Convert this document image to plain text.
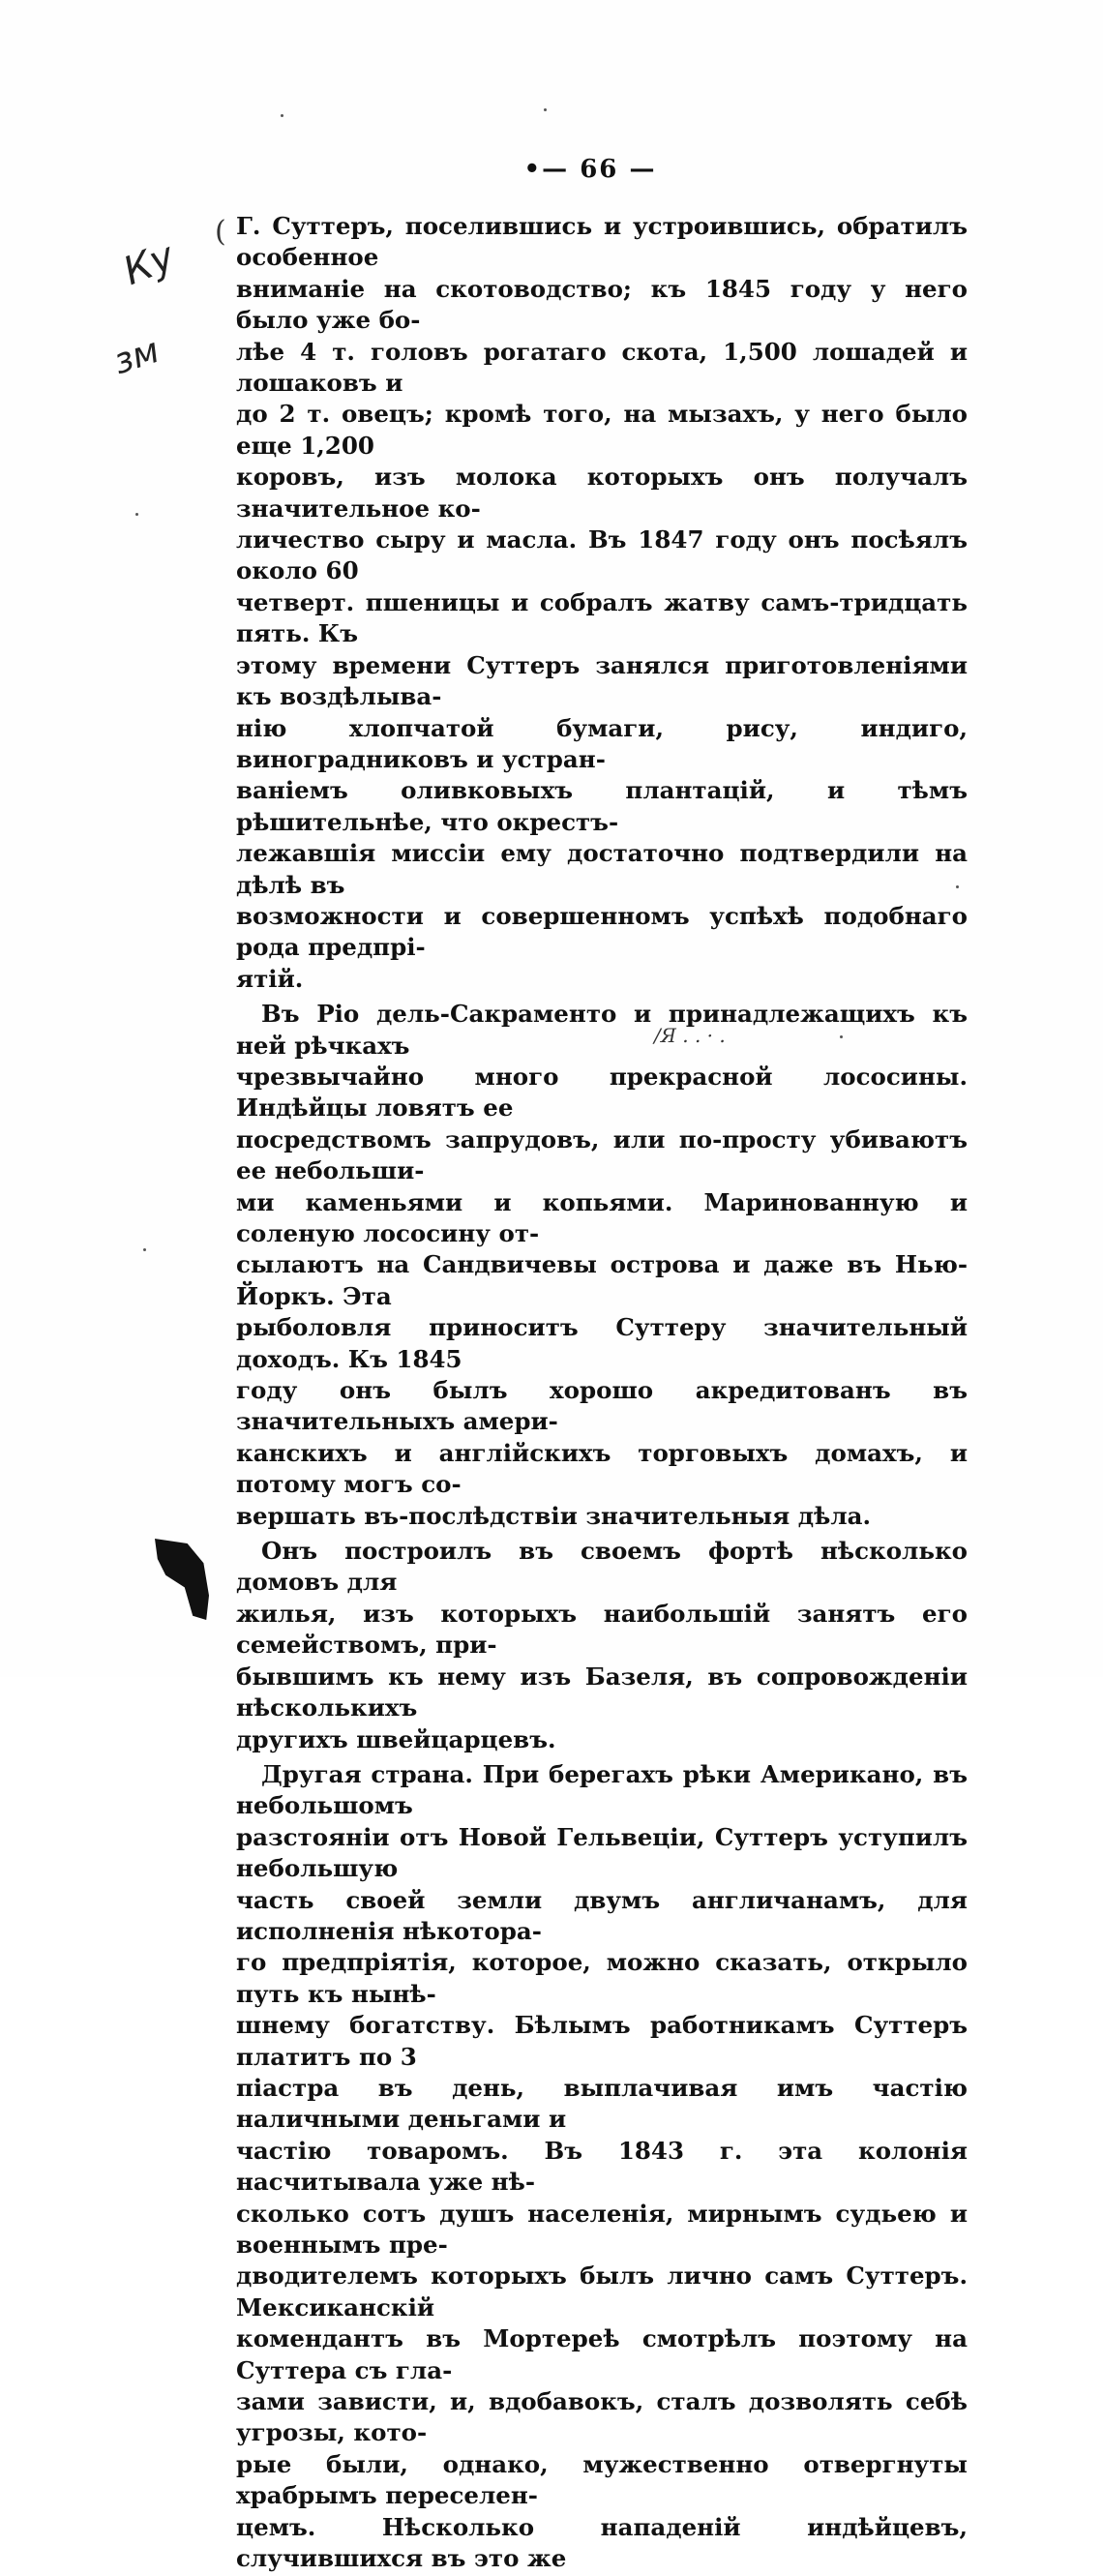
•— 66 —
(
Ку
зм

Г. Суттеръ, поселившись и устроившись, обратилъ особенное
вниманіе на скотоводство; къ 1845 году у него было уже бо-
лѣе 4 т. головъ рогатаго скота, 1,500 лошадей и лошаковъ и
до 2 т. овецъ; кромѣ того, на мызахъ, у него было еще 1,200
коровъ, изъ молока которыхъ онъ получалъ значительное ко-
личество сыру и масла. Въ 1847 году онъ посѣялъ около 60
четверт. пшеницы и собралъ жатву самъ-тридцать пять. Къ
этому времени Суттеръ занялся приготовленіями къ воздѣлыва-
нію хлопчатой бумаги, рису, индиго, виноградниковъ и устран-
ваніемъ оливковыхъ плантацій, и тѣмъ рѣшительнѣе, что окрестъ-
лежавшія миссіи ему достаточно подтвердили на дѣлѣ въ
возможности и совершенномъ успѣхѣ подобнаго рода предпрі-
ятій.

Въ Ріо дель-Сакраменто и принадлежащихъ къ ней рѣчкахъ
чрезвычайно много прекрасной лососины. Индѣйцы ловятъ ее
посредствомъ запрудовъ, или по-просту убиваютъ ее небольши-
ми каменьями и копьями. Маринованную и соленую лососину от-
сылаютъ на Сандвичевы острова и даже въ Нью-Йоркъ. Эта
рыболовля приноситъ Суттеру значительный доходъ. Къ 1845
году онъ былъ хорошо акредитованъ въ значительныхъ амери-
канскихъ и англійскихъ торговыхъ домахъ, и потому могъ со-
вершать въ-послѣдствіи значительныя дѣла.

Онъ построилъ въ своемъ фортѣ нѣсколько домовъ для
жилья, изъ которыхъ наибольшій занятъ его семействомъ, при-
бывшимъ къ нему изъ Базеля, въ сопровожденіи нѣсколькихъ
другихъ швейцарцевъ.

Другая страна. При берегахъ рѣки Американо, въ небольшомъ
разстояніи отъ Новой Гельвеціи, Суттеръ уступилъ небольшую
часть своей земли двумъ англичанамъ, для исполненія нѣкотора-
го предпріятія, которое, можно сказать, открыло путь къ нынѣ-
шнему богатству. Бѣлымъ работникамъ Суттеръ платитъ по 3
піастра въ день, выплачивая имъ частію наличными деньгами и
частію товаромъ. Въ 1843 г. эта колонія насчитывала уже нѣ-
сколько сотъ душъ населенія, мирнымъ судьею и военнымъ пре-
дводителемъ которыхъ былъ лично самъ Суттеръ. Мексиканскій
комендантъ въ Мортереѣ смотрѣлъ поэтому на Суттера съ гла-
зами зависти, и, вдобавокъ, сталъ дозволять себѣ угрозы, кото-
рые были, однако, мужественно отвергнуты храбрымъ переселен-
цемъ. Нѣсколько нападеній индѣйцевъ, случившихся въ это же

/Я . . · .
